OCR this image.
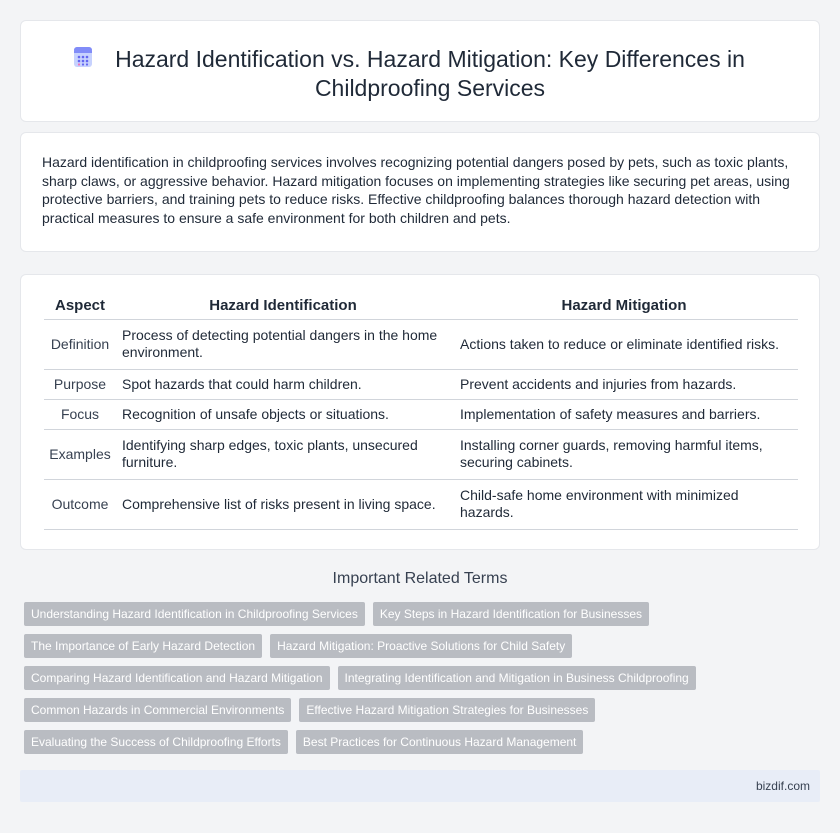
Hazard Identification vs. Hazard Mitigation: Key Differences in Childproofing Services

Hazard identification in childproofing services involves recognizing potential dangers posed by pets, such as toxic plants, sharp claws, or aggressive behavior. Hazard mitigation focuses on implementing strategies like securing pet areas, using protective barriers, and training pets to reduce risks. Effective childproofing balances thorough hazard detection with practical measures to ensure a safe environment for both children and pets.

Aspect	Hazard Identification	Hazard Mitigation
Definition	Process of detecting potential dangers in the home environment.	Actions taken to reduce or eliminate identified risks.
Purpose	Spot hazards that could harm children.	Prevent accidents and injuries from hazards.
Focus	Recognition of unsafe objects or situations.	Implementation of safety measures and barriers.
Examples	Identifying sharp edges, toxic plants, unsecured furniture.	Installing corner guards, removing harmful items, securing cabinets.
Outcome	Comprehensive list of risks present in living space.	Child-safe home environment with minimized hazards.
Important Related Terms
Understanding Hazard Identification in Childproofing Services	Key Steps in Hazard Identification for Businesses
The Importance of Early Hazard Detection	Hazard Mitigation: Proactive Solutions for Child Safety
Comparing Hazard Identification and Hazard Mitigation	Integrating Identification and Mitigation in Business Childproofing
Common Hazards in Commercial Environments	Effective Hazard Mitigation Strategies for Businesses
Evaluating the Success of Childproofing Efforts	Best Practices for Continuous Hazard Management
bizdif.com
